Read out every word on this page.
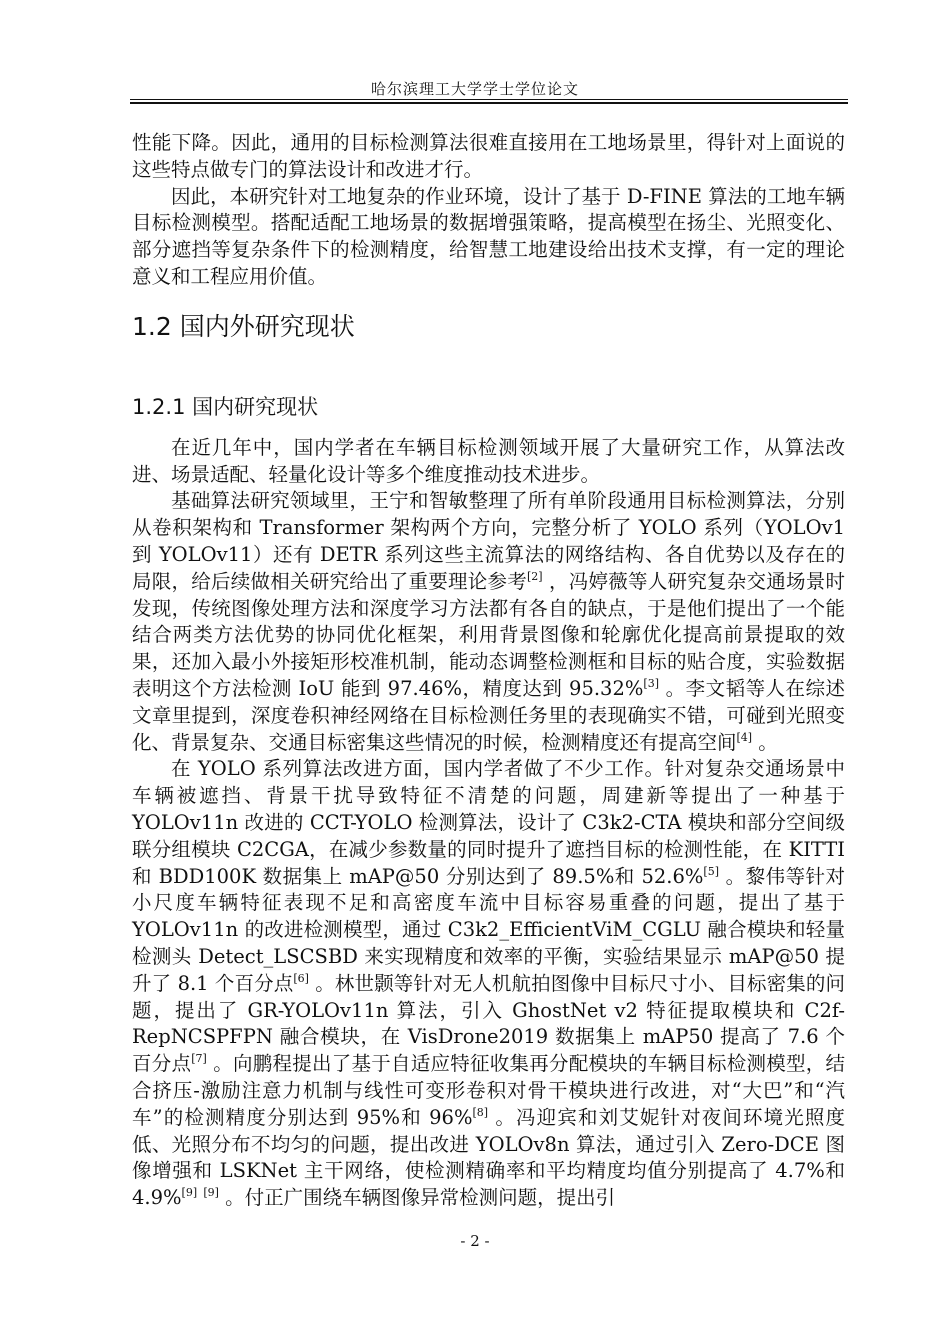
哈尔滨理工大学学士学位论文

性能下降。因此，通用的目标检测算法很难直接用在工地场景里，得针对上面说的这些特点做专门的算法设计和改进才行。

因此，本研究针对工地复杂的作业环境，设计了基于 D-FINE 算法的工地车辆目标检测模型。搭配适配工地场景的数据增强策略，提高模型在扬尘、光照变化、部分遮挡等复杂条件下的检测精度，给智慧工地建设给出技术支撑，有一定的理论意义和工程应用价值。

1.2 国内外研究现状
1.2.1 国内研究现状

在近几年中，国内学者在车辆目标检测领域开展了大量研究工作，从算法改进、场景适配、轻量化设计等多个维度推动技术进步。

基础算法研究领域里，王宁和智敏整理了所有单阶段通用目标检测算法，分别从卷积架构和 Transformer 架构两个方向，完整分析了 YOLO 系列（YOLOv1 到 YOLOv11）还有 DETR 系列这些主流算法的网络结构、各自优势以及存在的局限，给后续做相关研究给出了重要理论参考[2] ，冯婷薇等人研究复杂交通场景时发现，传统图像处理方法和深度学习方法都有各自的缺点，于是他们提出了一个能结合两类方法优势的协同优化框架，利用背景图像和轮廓优化提高前景提取的效果，还加入最小外接矩形校准机制，能动态调整检测框和目标的贴合度，实验数据表明这个方法检测 IoU 能到 97.46%，精度达到 95.32%[3] 。李文韬等人在综述文章里提到，深度卷积神经网络在目标检测任务里的表现确实不错，可碰到光照变化、背景复杂、交通目标密集这些情况的时候，检测精度还有提高空间[4] 。

在 YOLO 系列算法改进方面，国内学者做了不少工作。针对复杂交通场景中车辆被遮挡、背景干扰导致特征不清楚的问题，周建新等提出了一种基于 YOLOv11n 改进的 CCT-YOLO 检测算法，设计了 C3k2-CTA 模块和部分空间级联分组模块 C2CGA，在减少参数量的同时提升了遮挡目标的检测性能，在 KITTI 和 BDD100K 数据集上 mAP@50 分别达到了 89.5%和 52.6%[5] 。黎伟等针对小尺度车辆特征表现不足和高密度车流中目标容易重叠的问题，提出了基于 YOLOv11n 的改进检测模型，通过 C3k2_EfficientViM_CGLU 融合模块和轻量检测头 Detect_LSCSBD 来实现精度和效率的平衡，实验结果显示 mAP@50 提升了 8.1 个百分点[6] 。林世颢等针对无人机航拍图像中目标尺寸小、目标密集的问题，提出了 GR-YOLOv11n 算法，引入 GhostNet v2 特征提取模块和 C2f-RepNCSPFPN 融合模块，在 VisDrone2019 数据集上 mAP50 提高了 7.6 个百分点[7] 。向鹏程提出了基于自适应特征收集再分配模块的车辆目标检测模型，结合挤压-激励注意力机制与线性可变形卷积对骨干模块进行改进，对“大巴”和“汽车”的检测精度分别达到 95%和 96%[8] 。冯迎宾和刘艾妮针对夜间环境光照度低、光照分布不均匀的问题，提出改进 YOLOv8n 算法，通过引入 Zero-DCE 图像增强和 LSKNet 主干网络，使检测精确率和平均精度均值分别提高了 4.7%和 4.9%[9] [9] 。付正广围绕车辆图像异常检测问题，提出引

- 2 -
